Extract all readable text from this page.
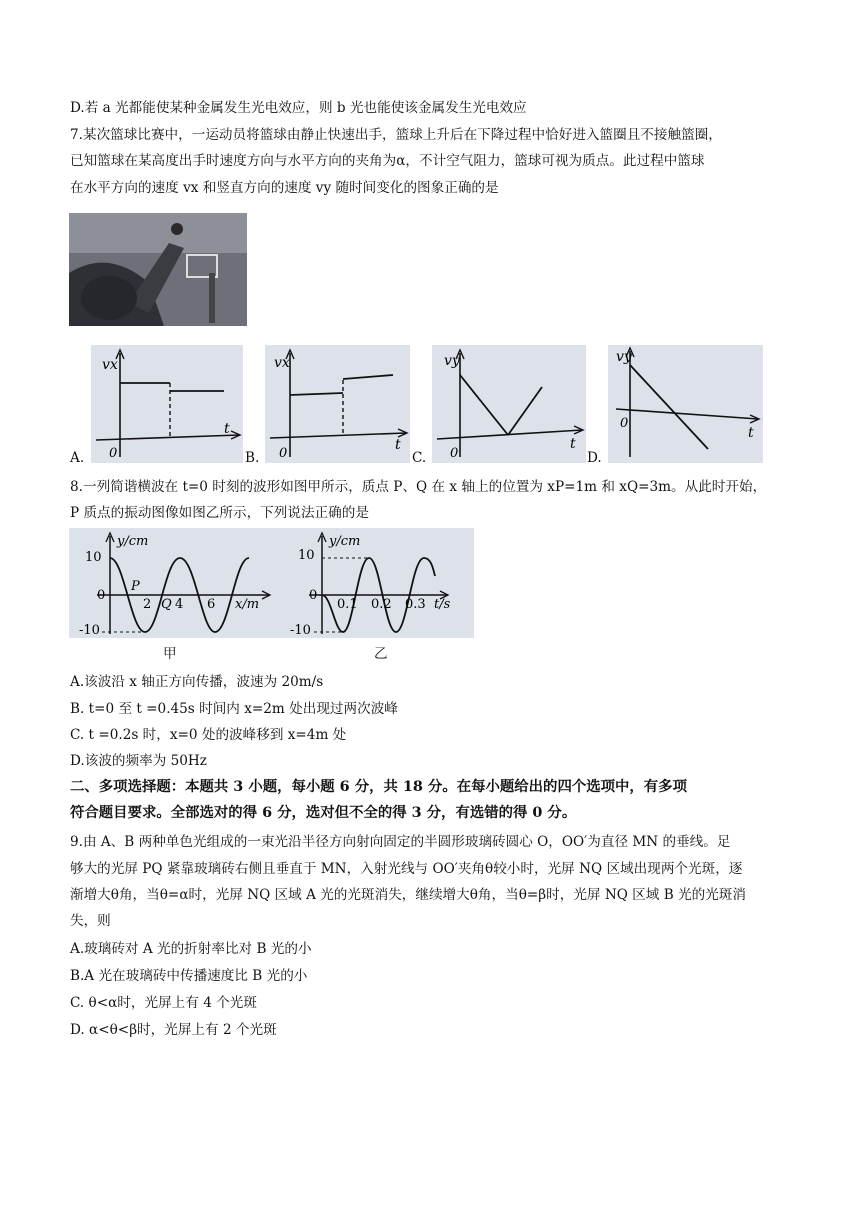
D.若 a 光都能使某种金属发生光电效应，则 b 光也能使该金属发生光电效应
7.某次篮球比赛中，一运动员将篮球由静止快速出手，篮球上升后在下降过程中恰好进入篮圈且不接触篮圈，
已知篮球在某高度出手时速度方向与水平方向的夹角为α，不计空气阻力，篮球可视为质点。此过程中篮球
在水平方向的速度 vx 和竖直方向的速度 vy 随时间变化的图象正确的是
vx
t
0
A.
vx
t
0
B.
vy
t
0
C.
vy
t
0
D.
8.一列简谐横波在 t=0 时刻的波形如图甲所示，质点 P、Q 在 x 轴上的位置为 xP=1m 和 xQ=3m。从此时开始，
P 质点的振动图像如图乙所示，下列说法正确的是
y/cm
10
0
-10
P
2 Q 4 6 x/m
y/cm
10
0
-10
0.1 0.2 0.3 t/s
甲	乙
A.该波沿 x 轴正方向传播，波速为 20m/s
B. t=0 至 t =0.45s 时间内 x=2m 处出现过两次波峰
C. t =0.2s 时，x=0 处的波峰移到 x=4m 处
D.该波的频率为 50Hz
二、多项选择题：本题共 3 小题，每小题 6 分，共 18 分。在每小题给出的四个选项中，有多项
符合题目要求。全部选对的得 6 分，选对但不全的得 3 分，有选错的得 0 分。
9.由 A、B 两种单色光组成的一束光沿半径方向射向固定的半圆形玻璃砖圆心 O，OO′为直径 MN 的垂线。足
够大的光屏 PQ 紧靠玻璃砖右侧且垂直于 MN，入射光线与 OO′夹角θ较小时，光屏 NQ 区域出现两个光斑，逐
渐增大θ角，当θ=α时，光屏 NQ 区域 A 光的光斑消失，继续增大θ角，当θ=β时，光屏 NQ 区域 B 光的光斑消
失，则
A.玻璃砖对 A 光的折射率比对 B 光的小
B.A 光在玻璃砖中传播速度比 B 光的小
C. θ<α时，光屏上有 4 个光斑
D. α<θ<β时，光屏上有 2 个光斑
